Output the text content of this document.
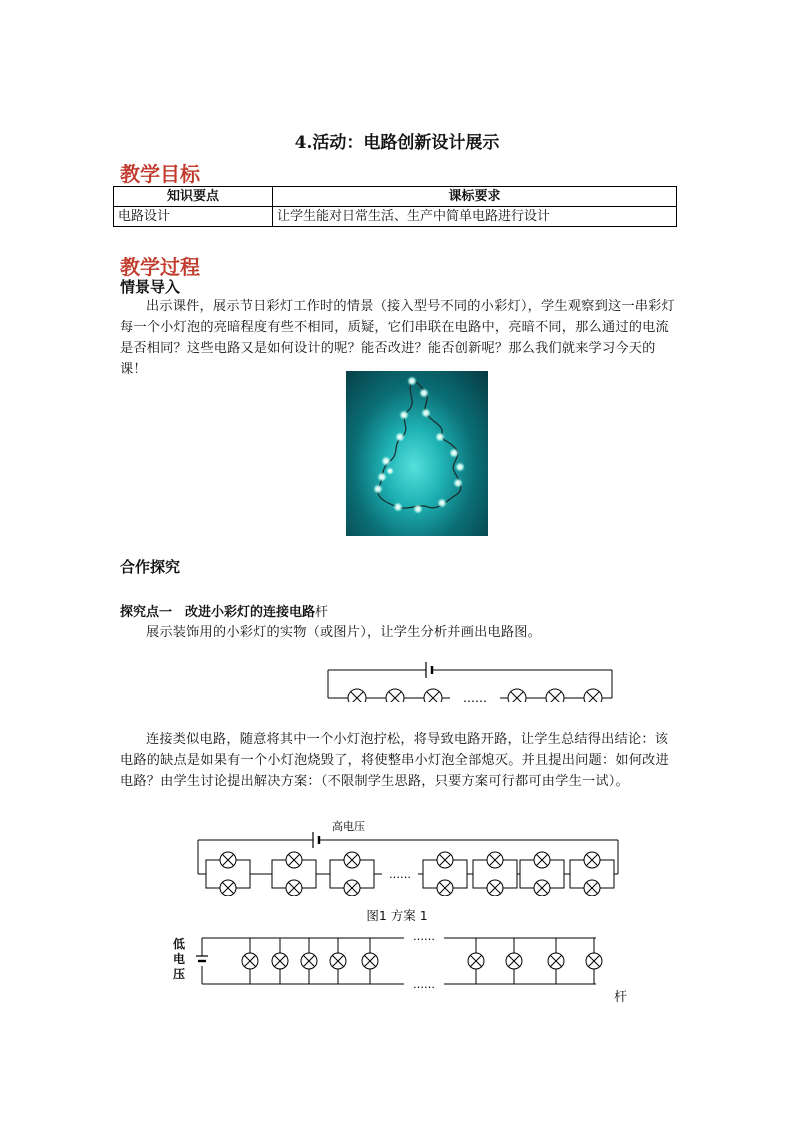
4.活动：电路创新设计展示
教学目标
知识要点	课标要求
电路设计	让学生能对日常生活、生产中简单电路进行设计
教学过程
情景导入
出示课件，展示节日彩灯工作时的情景（接入型号不同的小彩灯），学生观察到这一串彩灯每一个小灯泡的亮暗程度有些不相同，质疑，它们串联在电路中，亮暗不同，那么通过的电流是否相同？这些电路又是如何设计的呢？能否改进？能否创新呢？那么我们就来学习今天的课！
合作探究
探究点一　改进小彩灯的连接电路杆
展示装饰用的小彩灯的实物（或图片），让学生分析并画出电路图。
……
连接类似电路，随意将其中一个小灯泡拧松，将导致电路开路，让学生总结得出结论：该电路的缺点是如果有一个小灯泡烧毁了，将使整串小灯泡全部熄灭。并且提出问题：如何改进电路？由学生讨论提出解决方案：（不限制学生思路，只要方案可行都可由学生一试）。
高电压
……
图1 方案 1
低
电
压
……
……
杆
